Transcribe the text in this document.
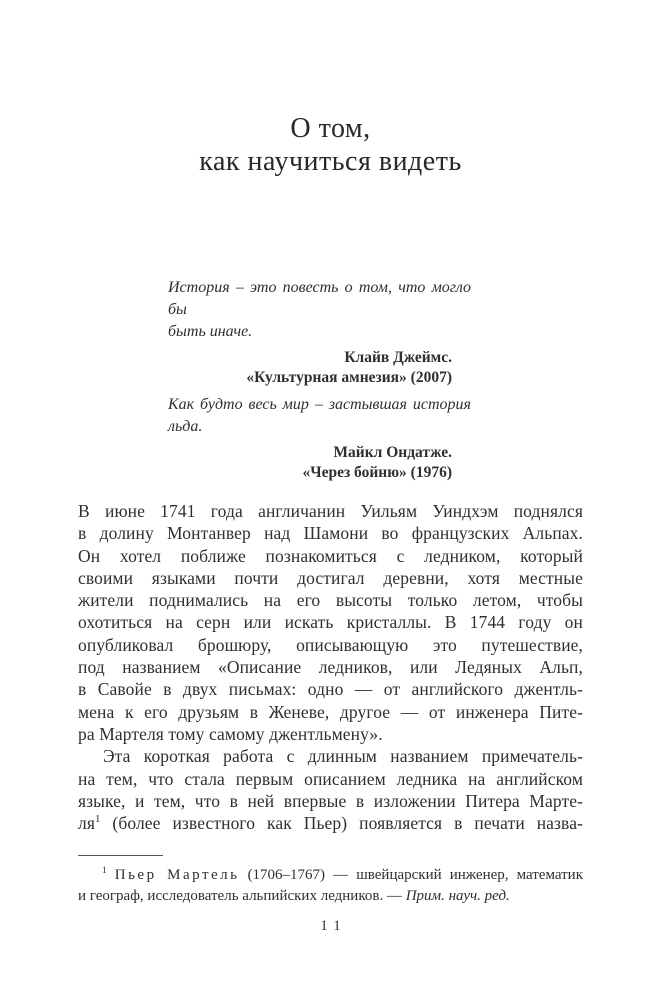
О том,
как научиться видеть
История – это повесть о том, что могло бы
быть иначе.
Клайв Джеймс.
«Культурная амнезия» (2007)
Как будто весь мир – застывшая история
льда.
Майкл Ондатже.
«Через бойню» (1976)
В июне 1741 года англичанин Уильям Уиндхэм поднялся
в долину Монтанвер над Шамони во французских Альпах.
Он хотел поближе познакомиться с ледником, который
своими языками почти достигал деревни, хотя местные
жители поднимались на его высоты только летом, чтобы
охотиться на серн или искать кристаллы. В 1744 году он
опубликовал брошюру, описывающую это путешествие,
под названием «Описание ледников, или Ледяных Альп,
в Савойе в двух письмах: одно — от английского джентль-
мена к его друзьям в Женеве, другое — от инженера Пите-
ра Мартеля тому самому джентльмену».
Эта короткая работа с длинным названием примечатель-
на тем, что стала первым описанием ледника на английском
языке, и тем, что в ней впервые в изложении Питера Марте-
ля$^1$ (более известного как Пьер) появляется в печати назва-
$^1$ Пьер Мартель (1706–1767) — швейцарский инженер, математик
и географ, исследователь альпийских ледников. — Прим. науч. ред.
11
